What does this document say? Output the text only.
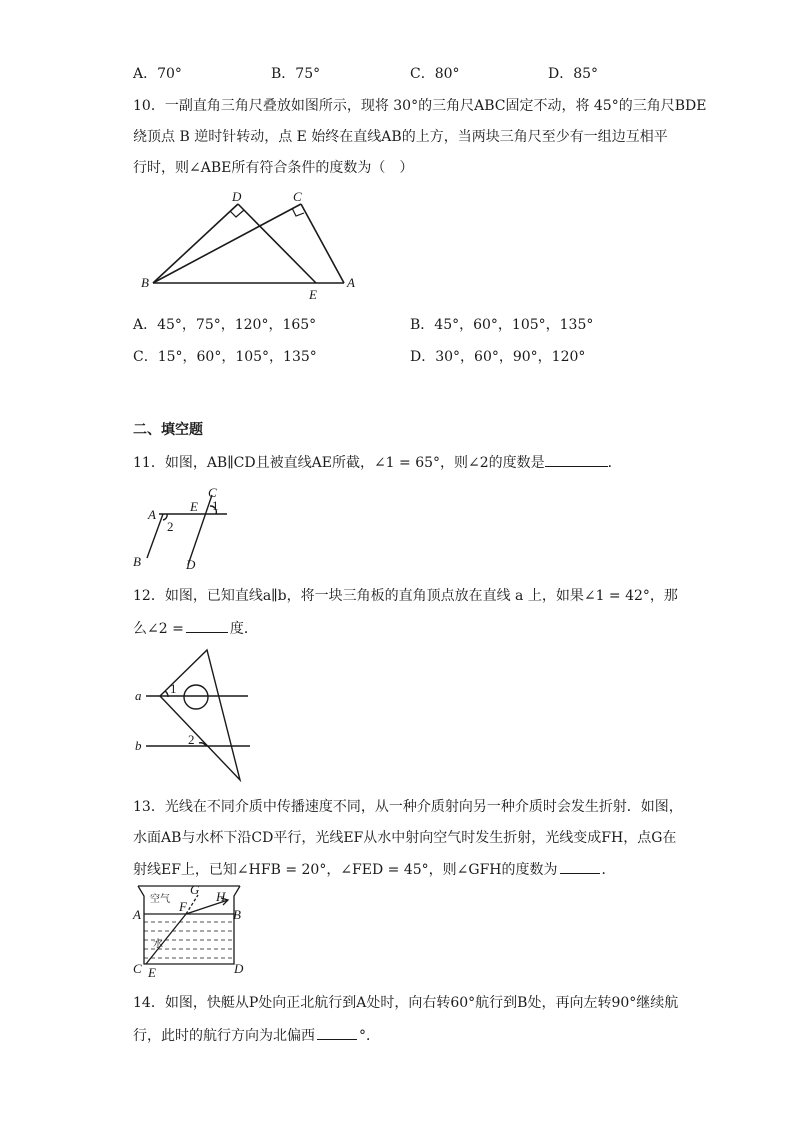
A．70°	B．75°	C．80°	D．85°
10．一副直角三角尺叠放如图所示，现将 30°的三角尺ABC固定不动，将 45°的三角尺BDE
绕顶点 B 逆时针转动，点 E 始终在直线AB的上方，当两块三角尺至少有一组边互相平
行时，则∠ABE所有符合条件的度数为（　）
D	C
B
E
A
A．45°，75°，120°，165°	B．45°，60°，105°，135°
C．15°，60°，105°，135°	D．30°，60°，90°，120°
二、填空题
11．如图，AB∥CD且被直线AE所截，∠1 = 65°，则∠2的度数是	．
A
B
C
D
E 1
2
12．如图，已知直线a∥b，将一块三角板的直角顶点放在直线 a 上，如果∠1 = 42°，那
么∠2 =	度．
a
b
1
2
13．光线在不同介质中传播速度不同，从一种介质射向另一种介质时会发生折射．如图，
水面AB与水杯下沿CD平行，光线EF从水中射向空气时发生折射，光线变成FH，点G在
射线EF上，已知∠HFB = 20°，∠FED = 45°，则∠GFH的度数为	．
空气
水
A	B
C	D
E
F
G H
14．如图，快艇从P处向正北航行到A处时，向右转60°航行到B处，再向左转90°继续航
行，此时的航行方向为北偏西	°．
